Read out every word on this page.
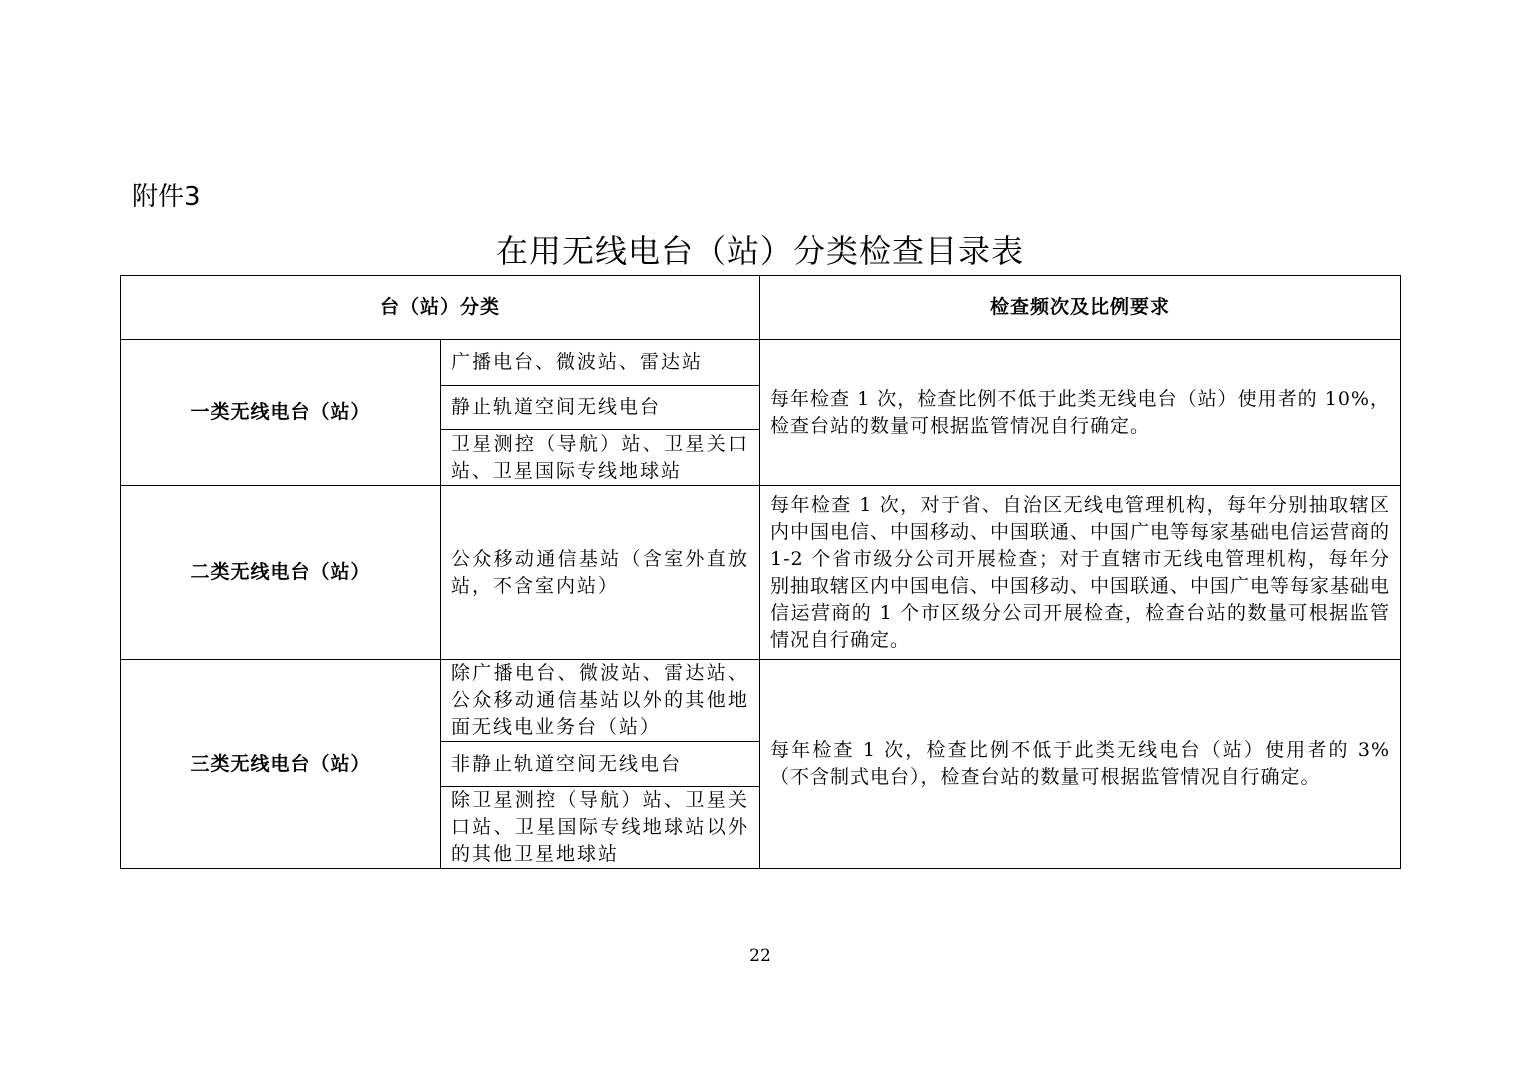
附件3
在用无线电台（站）分类检查目录表
台（站）分类		检查频次及比例要求
一类无线电台（站）	广播电台、微波站、雷达站	每年检查 1 次，检查比例不低于此类无线电台（站）使用者的 10%，检查台站的数量可根据监管情况自行确定。
	静止轨道空间无线电台	
	卫星测控（导航）站、卫星关口站、卫星国际专线地球站	
二类无线电台（站）	公众移动通信基站（含室外直放站，不含室内站）	每年检查 1 次，对于省、自治区无线电管理机构，每年分别抽取辖区内中国电信、中国移动、中国联通、中国广电等每家基础电信运营商的 1-2 个省市级分公司开展检查；对于直辖市无线电管理机构，每年分别抽取辖区内中国电信、中国移动、中国联通、中国广电等每家基础电信运营商的 1 个市区级分公司开展检查，检查台站的数量可根据监管情况自行确定。
三类无线电台（站）	除广播电台、微波站、雷达站、公众移动通信基站以外的其他地面无线电业务台（站）	每年检查 1 次，检查比例不低于此类无线电台（站）使用者的 3%（不含制式电台），检查台站的数量可根据监管情况自行确定。
	非静止轨道空间无线电台	
	除卫星测控（导航）站、卫星关口站、卫星国际专线地球站以外的其他卫星地球站	
22
